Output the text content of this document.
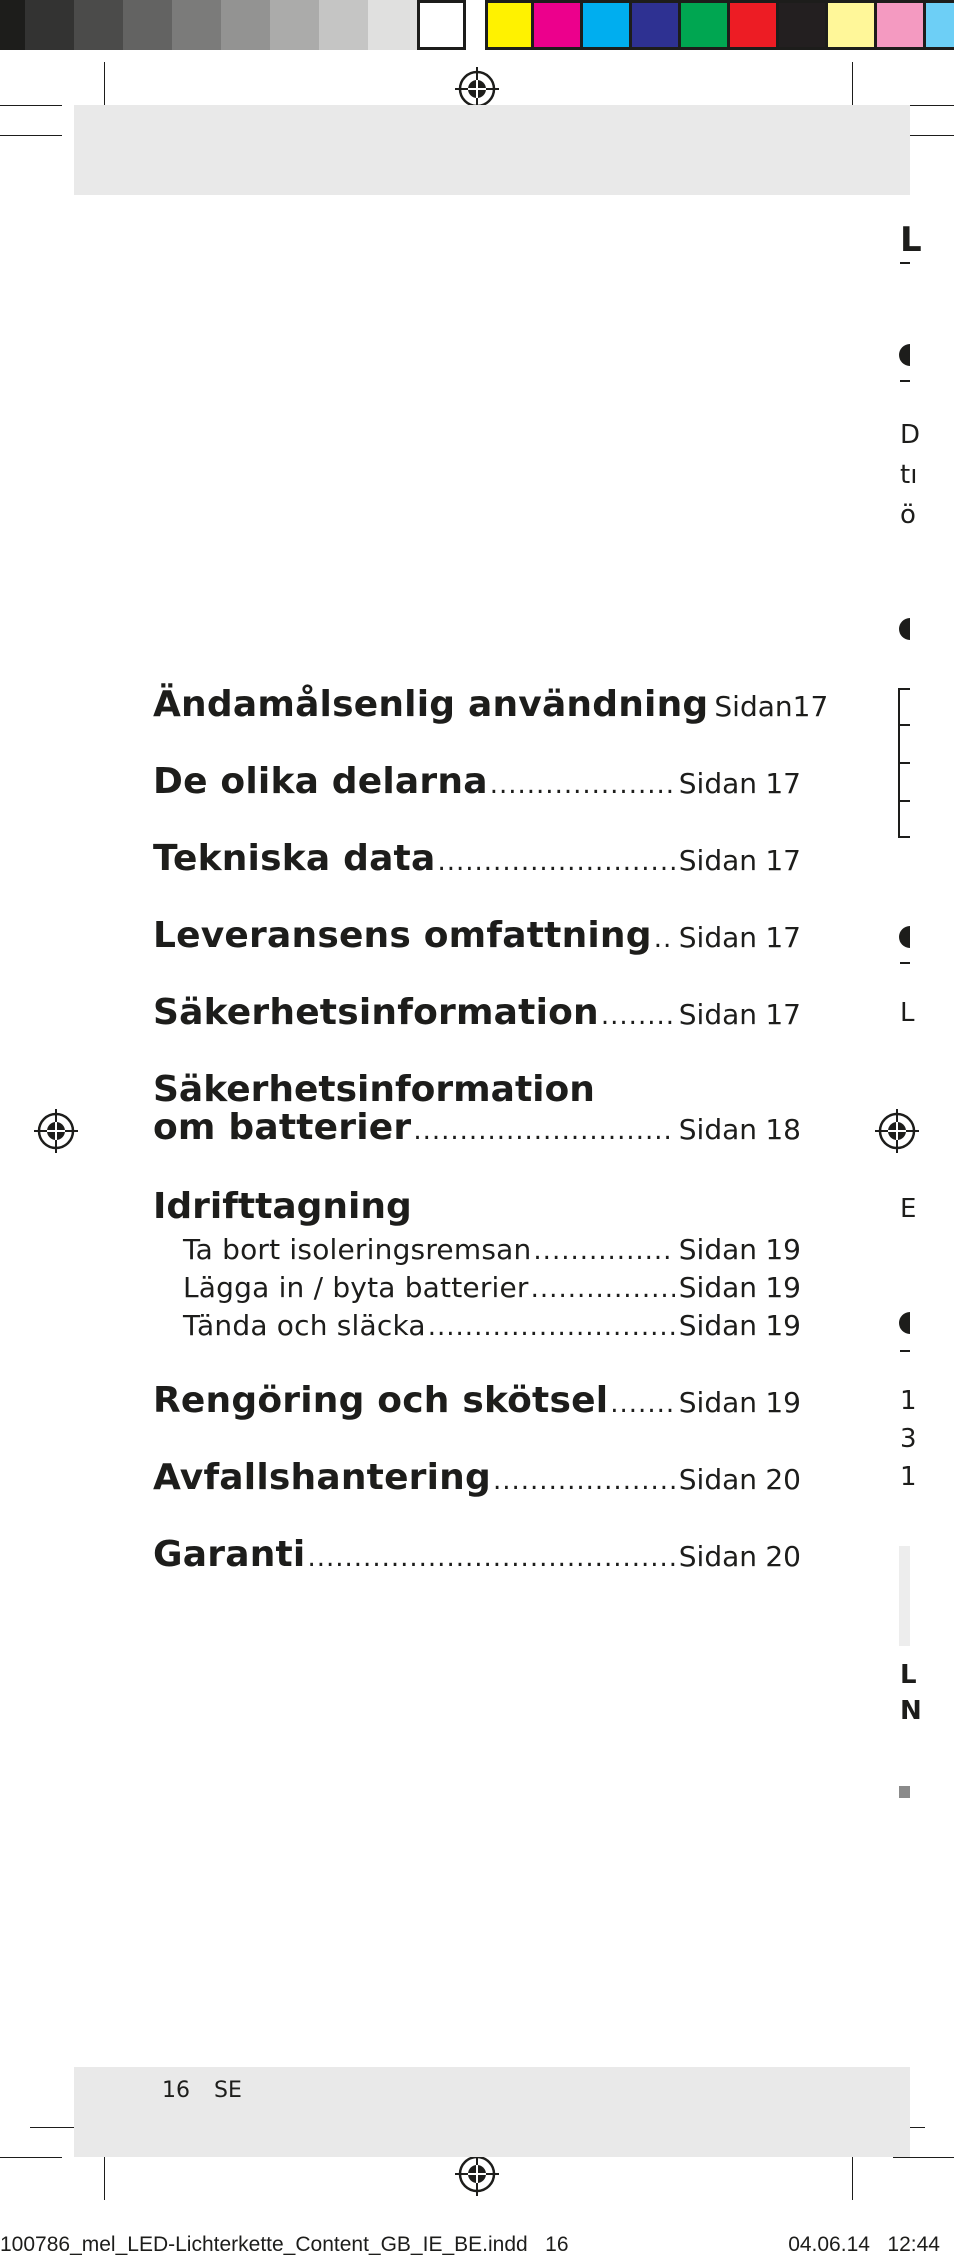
L
D
tı
ö
L
E
1
3
1
L
N
Ändamålsenlig användning Sidan 17
De olika delarna .....	Sidan 17
Tekniska data .....	Sidan 17
Leveransens omfattning ..... Sidan 17
Säkerhetsinformation .....	Sidan 17
Säkerhetsinformation
om batterier .....	Sidan 18
Idrifttagning
Ta bort isoleringsremsan .....	Sidan 19
Lägga in / byta batterier .....	Sidan 19
Tända och släcka .....	Sidan 19
Rengöring och skötsel .....	Sidan 19
Avfallshantering .....	Sidan 20
Garanti .....	Sidan 20
16 SE
100786_mel_LED-Lichterkette_Content_GB_IE_BE.indd   16	04.06.14   12:44
